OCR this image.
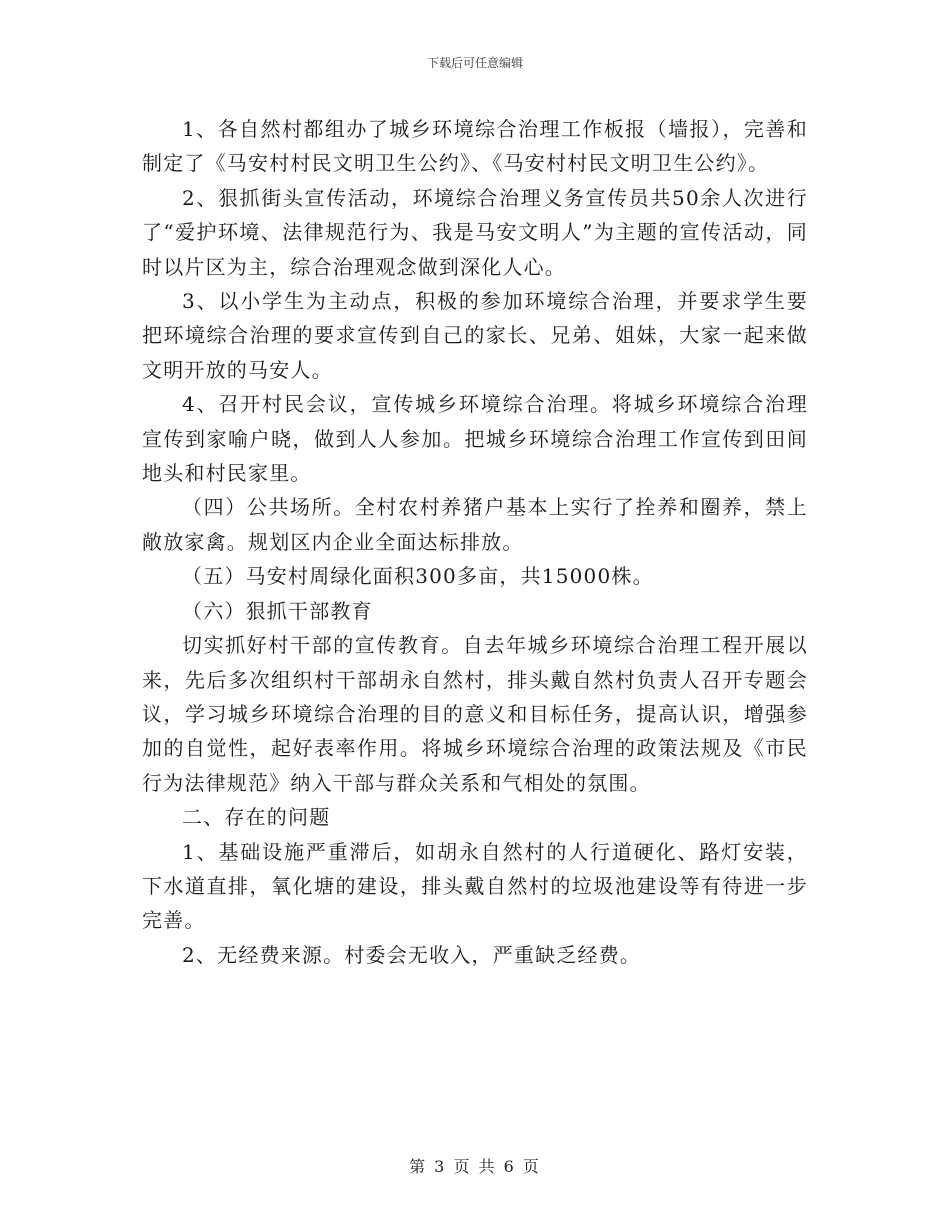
下载后可任意编辑

1、各自然村都组办了城乡环境综合治理工作板报（墙报），完善和制定了《马安村村民文明卫生公约》、《马安村村民文明卫生公约》。

2、狠抓街头宣传活动，环境综合治理义务宣传员共50余人次进行了“爱护环境、法律规范行为、我是马安文明人”为主题的宣传活动，同时以片区为主，综合治理观念做到深化人心。

3、以小学生为主动点，积极的参加环境综合治理，并要求学生要把环境综合治理的要求宣传到自己的家长、兄弟、姐妹，大家一起来做文明开放的马安人。

4、召开村民会议，宣传城乡环境综合治理。将城乡环境综合治理宣传到家喻户晓，做到人人参加。把城乡环境综合治理工作宣传到田间地头和村民家里。

（四）公共场所。全村农村养猪户基本上实行了拴养和圈养，禁上敞放家禽。规划区内企业全面达标排放。

（五）马安村周绿化面积300多亩，共15000株。

（六）狠抓干部教育

切实抓好村干部的宣传教育。自去年城乡环境综合治理工程开展以来，先后多次组织村干部胡永自然村，排头戴自然村负责人召开专题会议，学习城乡环境综合治理的目的意义和目标任务，提高认识，增强参加的自觉性，起好表率作用。将城乡环境综合治理的政策法规及《市民行为法律规范》纳入干部与群众关系和气相处的氛围。

二、存在的问题

1、基础设施严重滞后，如胡永自然村的人行道硬化、路灯安装，下水道直排，氧化塘的建设，排头戴自然村的垃圾池建设等有待进一步完善。

2、无经费来源。村委会无收入，严重缺乏经费。

第 3 页 共 6 页
